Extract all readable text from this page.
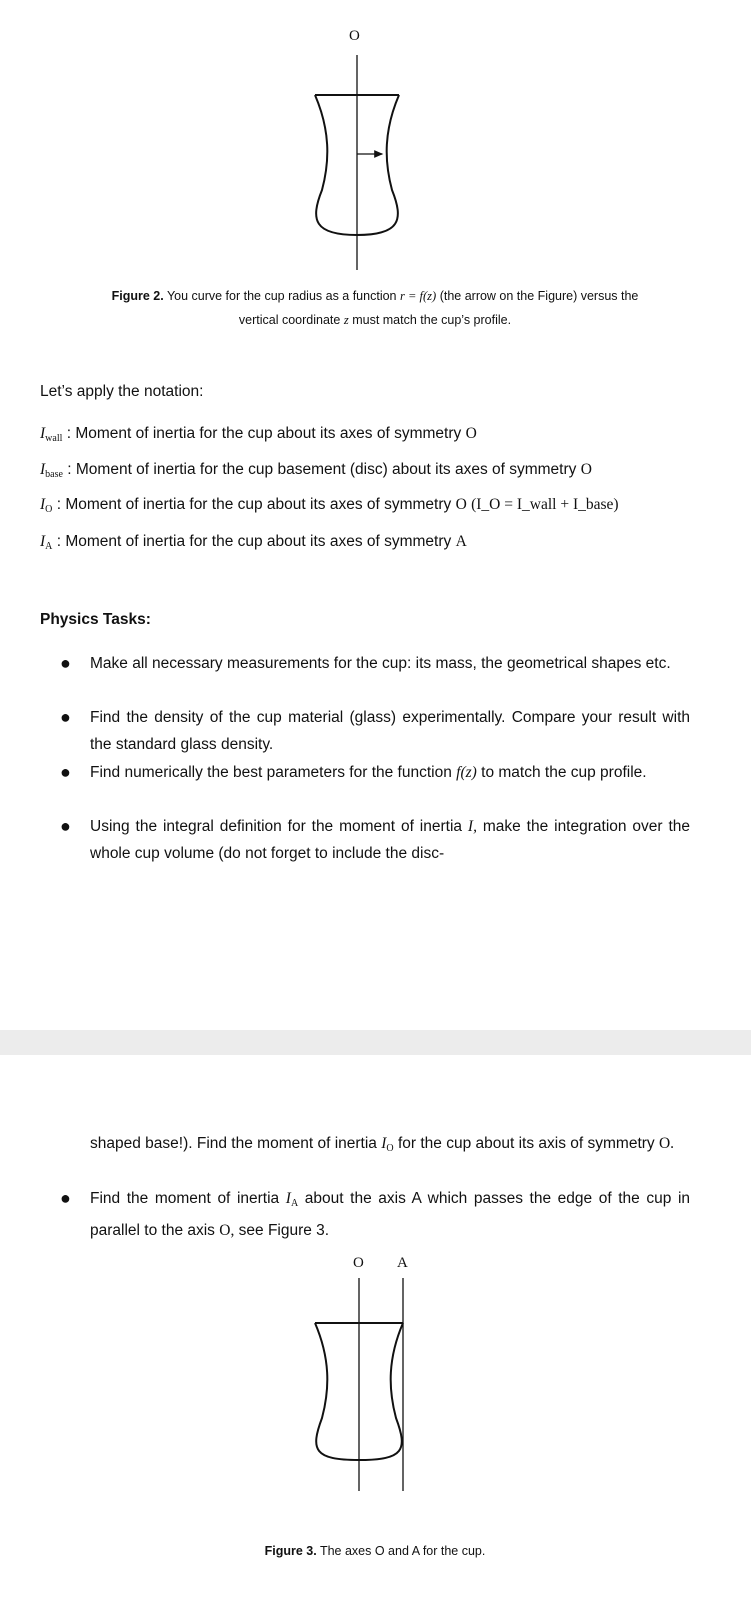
O
Figure 2. You curve for the cup radius as a function r = f(z) (the arrow on the Figure) versus the
vertical coordinate z must match the cup’s profile.
Let’s apply the notation:
$I_{wall}$ : Moment of inertia for the cup about its axes of symmetry O
$I_{base}$ : Moment of inertia for the cup basement (disc) about its axes of symmetry O
$I_O$ : Moment of inertia for the cup about its axes of symmetry O (I_O = I_wall + I_base)
$I_A$ : Moment of inertia for the cup about its axes of symmetry A
Physics Tasks:
● Make all necessary measurements for the cup: its mass, the geometrical shapes etc.
● Find the density of the cup material (glass) experimentally. Compare your result with the standard glass density.
● Find numerically the best parameters for the function f(z) to match the cup profile.
● Using the integral definition for the moment of inertia I, make the integration over the whole cup volume (do not forget to include the disc-
shaped base!). Find the moment of inertia $I_O$ for the cup about its axis of symmetry O.
● Find the moment of inertia $I_A$ about the axis A which passes the edge of the cup in parallel to the axis O, see Figure 3.
O A
Figure 3. The axes O and A for the cup.
